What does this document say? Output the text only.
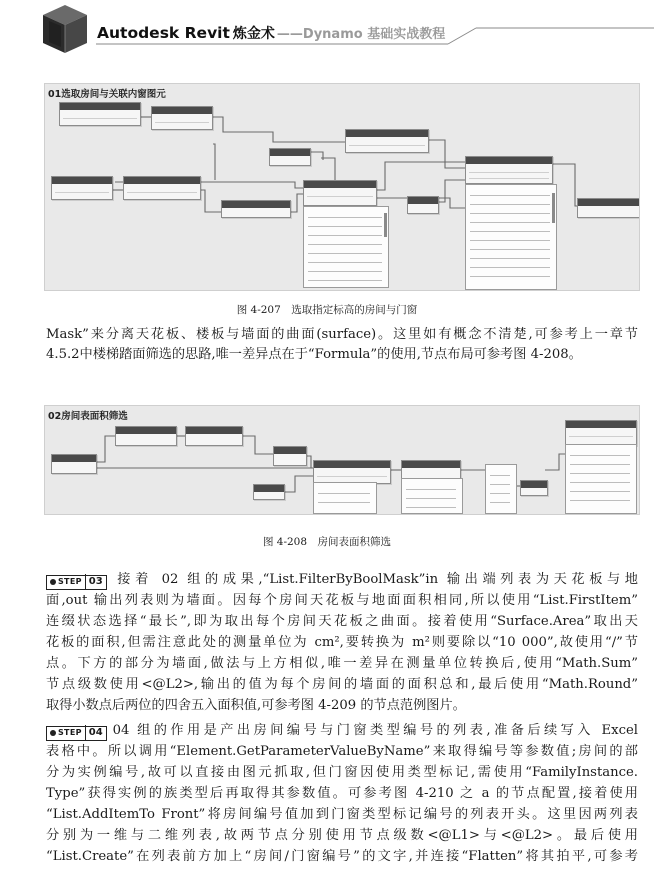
Autodesk Revit 炼金术 ——Dynamo 基础实战教程
01选取房间与关联内窗图元
图 4-207　选取指定标高的房间与门窗
Mask”来分离天花板、楼板与墙面的曲面(surface)。这里如有概念不清楚,可参考上一章节
4.5.2中楼梯踏面筛选的思路,唯一差异点在于“Formula”的使用,节点布局可参考图 4-208。
02房间表面积筛选
图 4-208　房间表面积筛选
STEP 03 接着 02 组的成果,“List.FilterByBoolMask”in 输出端列表为天花板与地
面,out 输出列表则为墙面。因每个房间天花板与地面面积相同,所以使用“List.FirstItem”
连缀状态选择“最长”,即为取出每个房间天花板之曲面。接着使用“Surface.Area”取出天
花板的面积,但需注意此处的测量单位为 cm²,要转换为 m²则要除以“10 000”,故使用“/”节
点。下方的部分为墙面,做法与上方相似,唯一差异在测量单位转换后,使用“Math.Sum”
节点级数使用<@L2>,输出的值为每个房间的墙面的面积总和,最后使用“Math.Round”
取得小数点后两位的四舍五入面积值,可参考图 4-209 的节点范例图片。
STEP 04 04 组的作用是产出房间编号与门窗类型编号的列表,准备后续写入 Excel
表格中。所以调用“Element.GetParameterValueByName”来取得编号等参数值;房间的部
分为实例编号,故可以直接由图元抓取,但门窗因使用类型标记,需使用“FamilyInstance.
Type”获得实例的族类型后再取得其参数值。可参考图 4-210 之 a 的节点配置,接着使用
“List.AddItemTo Front”将房间编号值加到门窗类型标记编号的列表开头。这里因两列表
分别为一维与二维列表,故两节点分别使用节点级数<@L1>与<@L2>。最后使用
“List.Create”在列表前方加上“房间/门窗编号”的文字,并连接“Flatten”将其拍平,可参考
